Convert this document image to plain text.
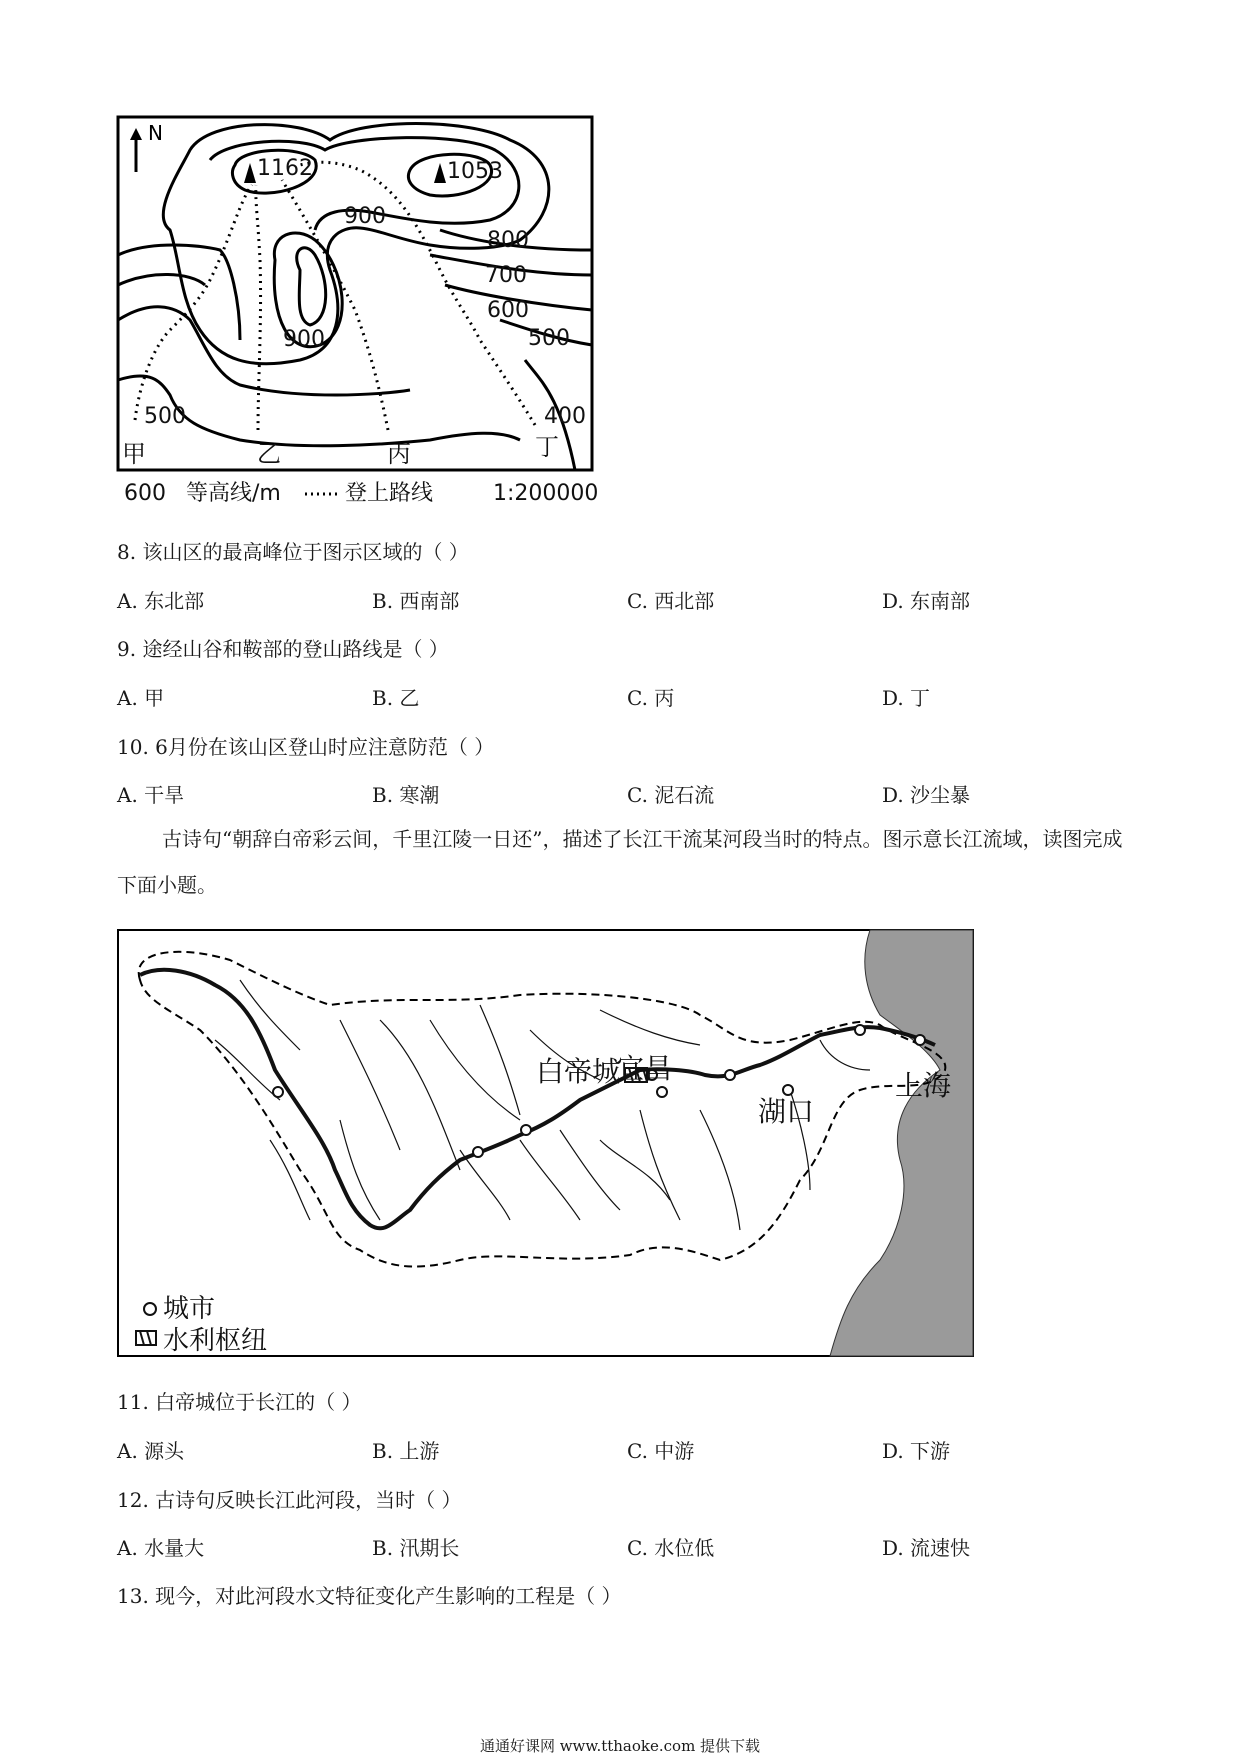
N
1162	1053
900
800
700
600
500
900
500	400
甲	乙	丙	丁
600 等高线/m	登上路线	1:200000
8. 该山区的最高峰位于图示区域的（ ）
A. 东北部	B. 西南部	C. 西北部	D. 东南部
9. 途经山谷和鞍部的登山路线是（ ）
A. 甲	B. 乙	C. 丙	D. 丁
10. 6月份在该山区登山时应注意防范（ ）
A. 干旱	B. 寒潮	C. 泥石流	D. 沙尘暴
古诗句“朝辞白帝彩云间，千里江陵一日还”，描述了长江干流某河段当时的特点。图示意长江流域，读图完成下面小题。
白帝城
宜昌
湖口
上海
城市
水利枢纽
11. 白帝城位于长江的（ ）
A. 源头	B. 上游	C. 中游	D. 下游
12. 古诗句反映长江此河段，当时（ ）
A. 水量大	B. 汛期长	C. 水位低	D. 流速快
13. 现今，对此河段水文特征变化产生影响的工程是（ ）
通通好课网 www.tthaoke.com 提供下载
